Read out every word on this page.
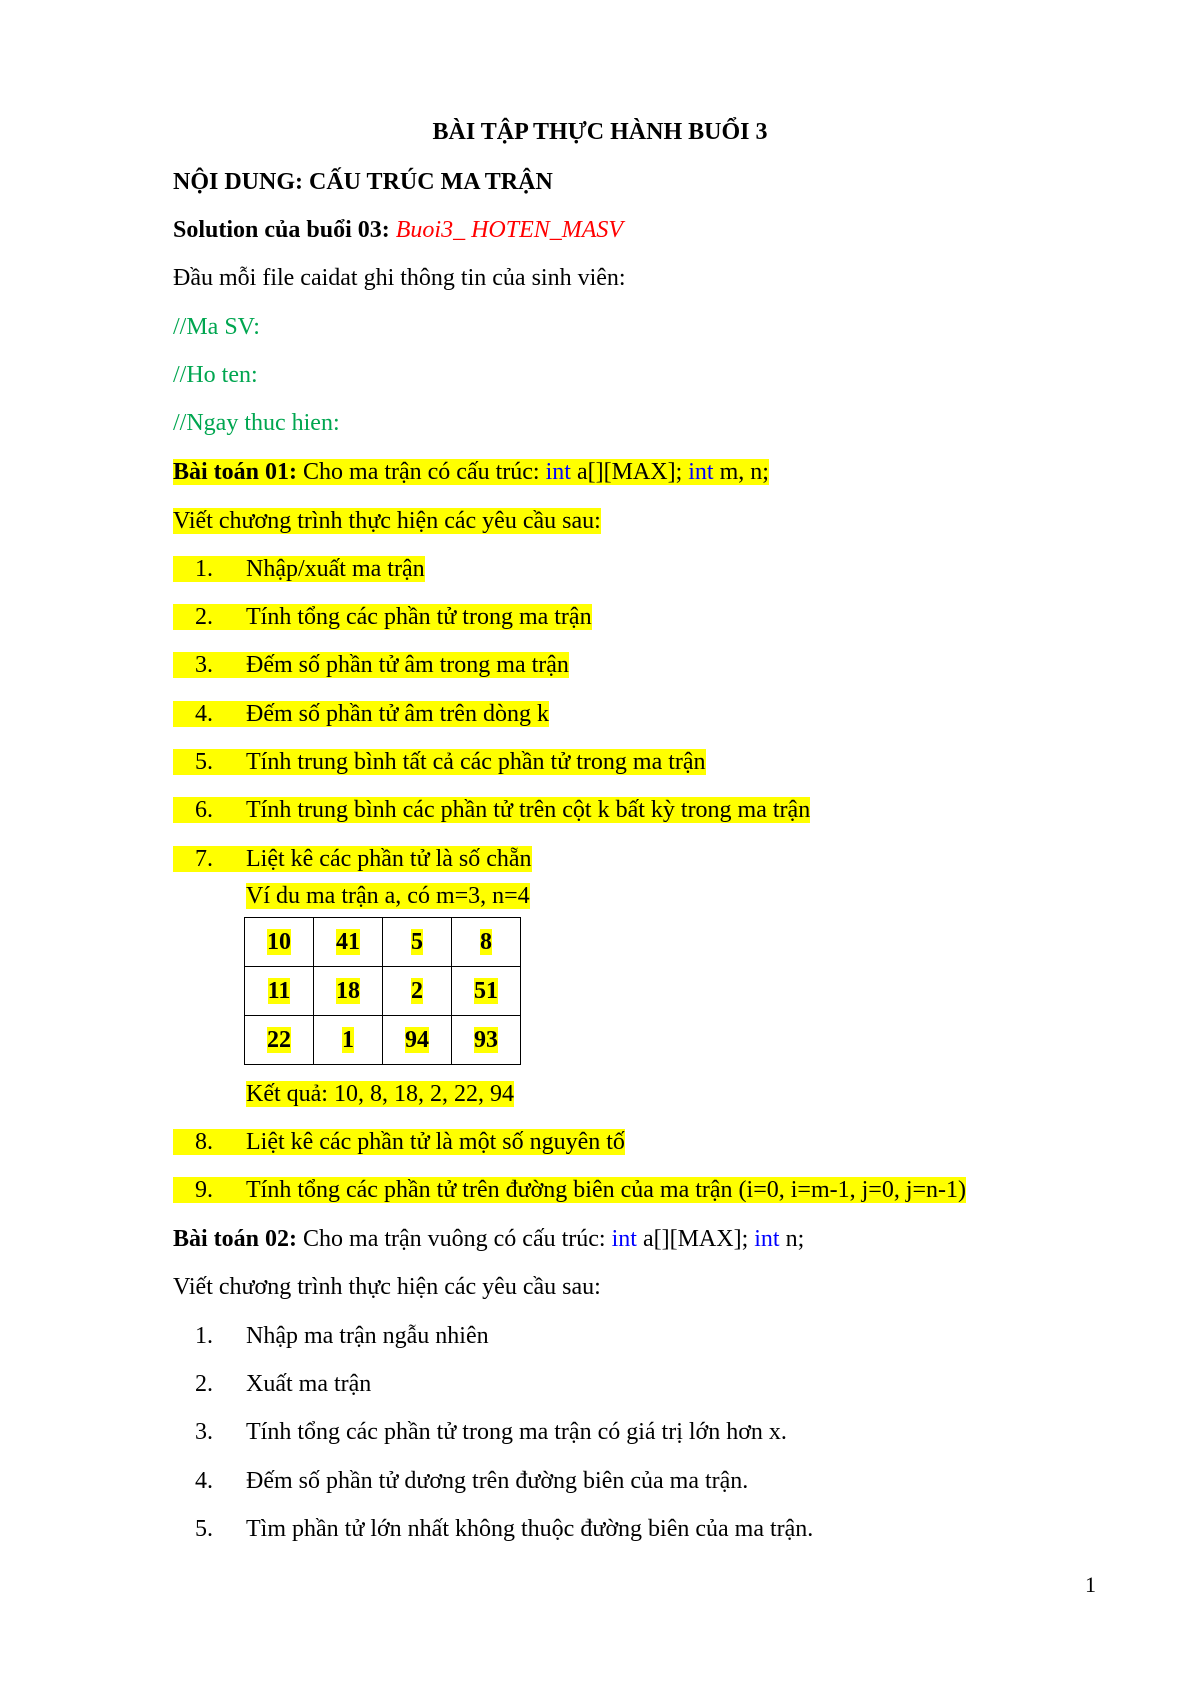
BÀI TẬP THỰC HÀNH BUỔI 3
NỘI DUNG: CẤU TRÚC MA TRẬN
Solution của buổi 03: Buoi3_ HOTEN_MASV
Đầu mỗi file caidat ghi thông tin của sinh viên:
//Ma SV:
//Ho ten:
//Ngay thuc hien:
Bài toán 01: Cho ma trận có cấu trúc: int a[][MAX]; int m, n;
Viết chương trình thực hiện các yêu cầu sau:
1. Nhập/xuất ma trận
2. Tính tổng các phần tử trong ma trận
3. Đếm số phần tử âm trong ma trận
4. Đếm số phần tử âm trên dòng k
5. Tính trung bình tất cả các phần tử trong ma trận
6. Tính trung bình các phần tử trên cột k bất kỳ trong ma trận
7. Liệt kê các phần tử là số chẵn
Ví du ma trận a, có m=3, n=4
10	41	5	8
11	18	2	51
22	1	94	93
Kết quả: 10, 8, 18, 2, 22, 94
8. Liệt kê các phần tử là một số nguyên tố
9. Tính tổng các phần tử trên đường biên của ma trận (i=0, i=m-1, j=0, j=n-1)
Bài toán 02: Cho ma trận vuông có cấu trúc: int a[][MAX]; int n;
Viết chương trình thực hiện các yêu cầu sau:
1. Nhập ma trận ngẫu nhiên
2. Xuất ma trận
3. Tính tổng các phần tử trong ma trận có giá trị lớn hơn x.
4. Đếm số phần tử dương trên đường biên của ma trận.
5. Tìm phần tử lớn nhất không thuộc đường biên của ma trận.
1
